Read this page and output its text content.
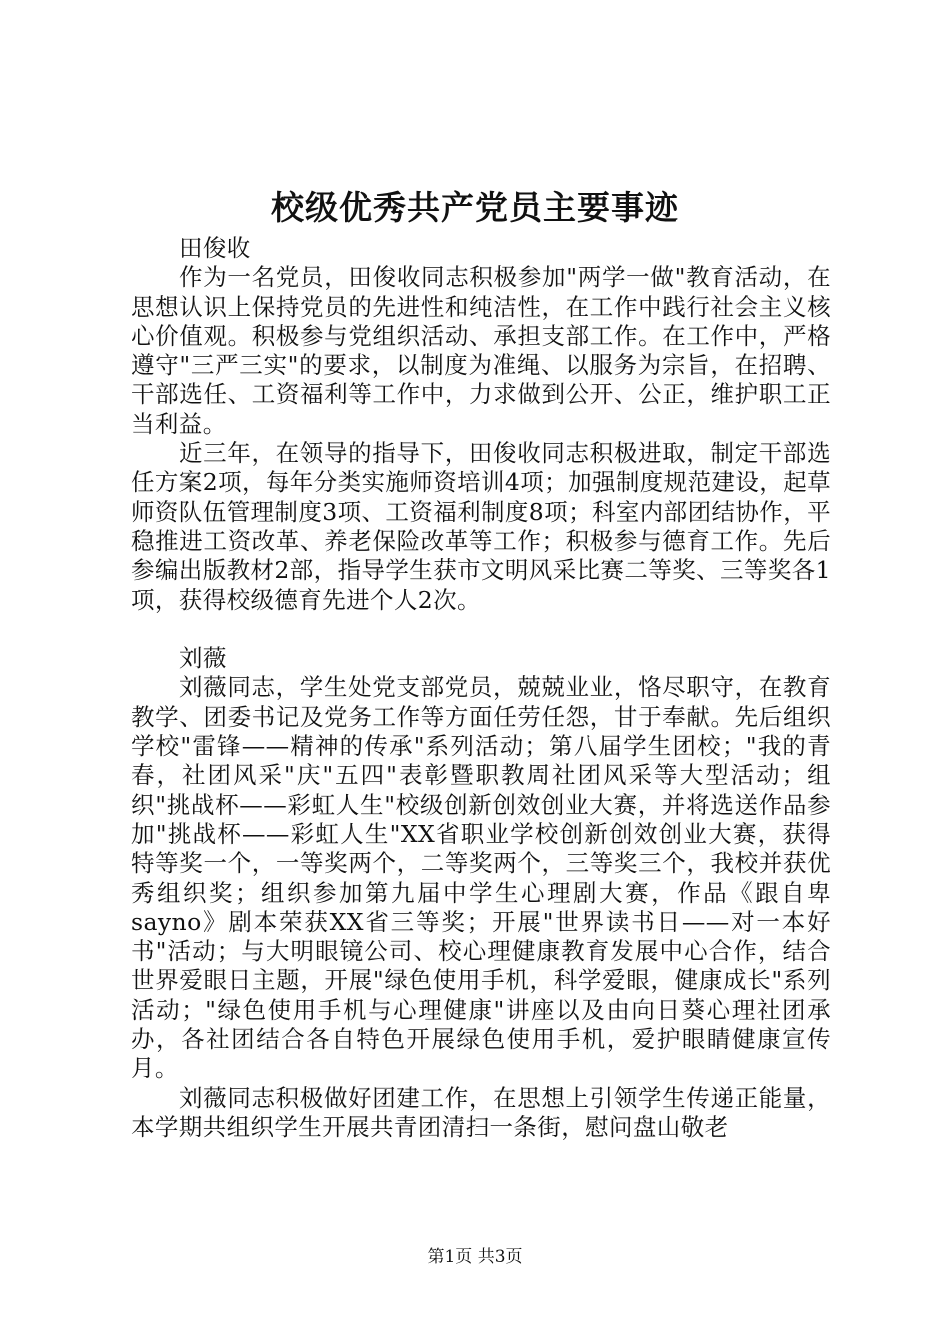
校级优秀共产党员主要事迹

田俊收

作为一名党员，田俊收同志积极参加"两学一做"教育活动，在思想认识上保持党员的先进性和纯洁性，在工作中践行社会主义核心价值观。积极参与党组织活动、承担支部工作。在工作中，严格遵守"三严三实"的要求，以制度为准绳、以服务为宗旨，在招聘、干部选任、工资福利等工作中，力求做到公开、公正，维护职工正当利益。

近三年，在领导的指导下，田俊收同志积极进取，制定干部选任方案2项，每年分类实施师资培训4项；加强制度规范建设，起草师资队伍管理制度3项、工资福利制度8项；科室内部团结协作，平稳推进工资改革、养老保险改革等工作；积极参与德育工作。先后参编出版教材2部，指导学生获市文明风采比赛二等奖、三等奖各1项，获得校级德育先进个人2次。

刘薇

刘薇同志，学生处党支部党员，兢兢业业，恪尽职守，在教育教学、团委书记及党务工作等方面任劳任怨，甘于奉献。先后组织学校"雷锋——精神的传承"系列活动；第八届学生团校；"我的青春，社团风采"庆"五四"表彰暨职教周社团风采等大型活动；组织"挑战杯——彩虹人生"校级创新创效创业大赛，并将选送作品参加"挑战杯——彩虹人生"XX省职业学校创新创效创业大赛，获得特等奖一个，一等奖两个，二等奖两个，三等奖三个，我校并获优秀组织奖；组织参加第九届中学生心理剧大赛，作品《跟自卑sayno》剧本荣获XX省三等奖；开展"世界读书日——对一本好书"活动；与大明眼镜公司、校心理健康教育发展中心合作，结合世界爱眼日主题，开展"绿色使用手机，科学爱眼，健康成长"系列活动；"绿色使用手机与心理健康"讲座以及由向日葵心理社团承办，各社团结合各自特色开展绿色使用手机，爱护眼睛健康宣传月。

刘薇同志积极做好团建工作，在思想上引领学生传递正能量，本学期共组织学生开展共青团清扫一条街，慰问盘山敬老

第1页 共3页
